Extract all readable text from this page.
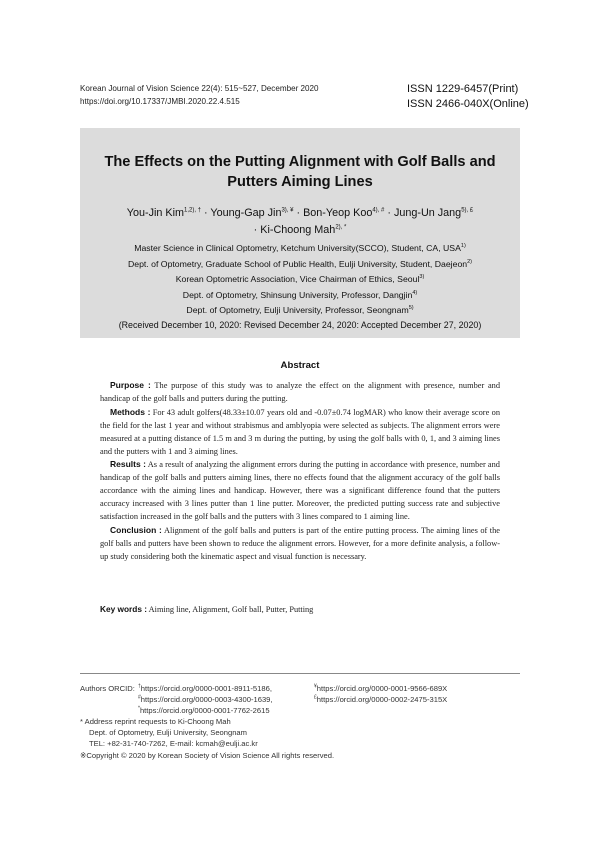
Korean Journal of Vision Science 22(4): 515~527, December 2020
https://doi.org/10.17337/JMBI.2020.22.4.515
ISSN 1229-6457(Print)
ISSN 2466-040X(Online)
The Effects on the Putting Alignment with Golf Balls and
Putters Aiming Lines
You-Jin Kim$^{1,2), \dagger}$ · Young-Gap Jin$^{3), ¥}$ · Bon-Yeop Koo$^{4), \#}$ · Jung-Un Jang$^{5), £}$
· Ki-Choong Mah$^{2), *}$
Master Science in Clinical Optometry, Ketchum University(SCCO), Student, CA, USA$^{1)}$
Dept. of Optometry, Graduate School of Public Health, Eulji University, Student, Daejeon$^{2)}$
Korean Optometric Association, Vice Chairman of Ethics, Seoul$^{3)}$
Dept. of Optometry, Shinsung University, Professor, Dangjin$^{4)}$
Dept. of Optometry, Eulji University, Professor, Seongnam$^{5)}$
(Received December 10, 2020: Revised December 24, 2020: Accepted December 27, 2020)
Abstract

Purpose : The purpose of this study was to analyze the effect on the alignment with presence, number and handicap of the golf balls and putters during the putting.

Methods : For 43 adult golfers(48.33±10.07 years old and -0.07±0.74 logMAR) who know their average score on the field for the last 1 year and without strabismus and amblyopia were selected as subjects. The alignment errors were measured at a putting distance of 1.5 m and 3 m during the putting, by using the golf balls with 0, 1, and 3 aiming lines and the putters with 1 and 3 aiming lines.

Results : As a result of analyzing the alignment errors during the putting in accordance with presence, number and handicap of the golf balls and putters aiming lines, there no effects found that the alignment accuracy of the golf balls accordance with the aiming lines and handicap. However, there was a significant difference found that the putters accuracy increased with 3 lines putter than 1 line putter. Moreover, the predicted putting success rate and subjective satisfaction increased in the golf balls and the putters with 3 lines compared to 1 aiming line.

Conclusion : Alignment of the golf balls and putters is part of the entire putting process. The aiming lines of the golf balls and putters have been shown to reduce the alignment errors. However, for a more definite analysis, a follow-up study considering both the kinematic aspect and visual function is necessary.

Key words : Aiming line, Alignment, Golf ball, Putter, Putting
Authors ORCID: †https://orcid.org/0000-0001-8911-5186,
#https://orcid.org/0000-0003-4300-1639,
*https://orcid.org/0000-0001-7762-2615
¥https://orcid.org/0000-0001-9566-689X
£https://orcid.org/0000-0002-2475-315X
* Address reprint requests to Ki-Choong Mah
Dept. of Optometry, Eulji University, Seongnam
TEL: +82-31-740-7262, E-mail: kcmah@eulji.ac.kr
※Copyright © 2020 by Korean Society of Vision Science All rights reserved.
